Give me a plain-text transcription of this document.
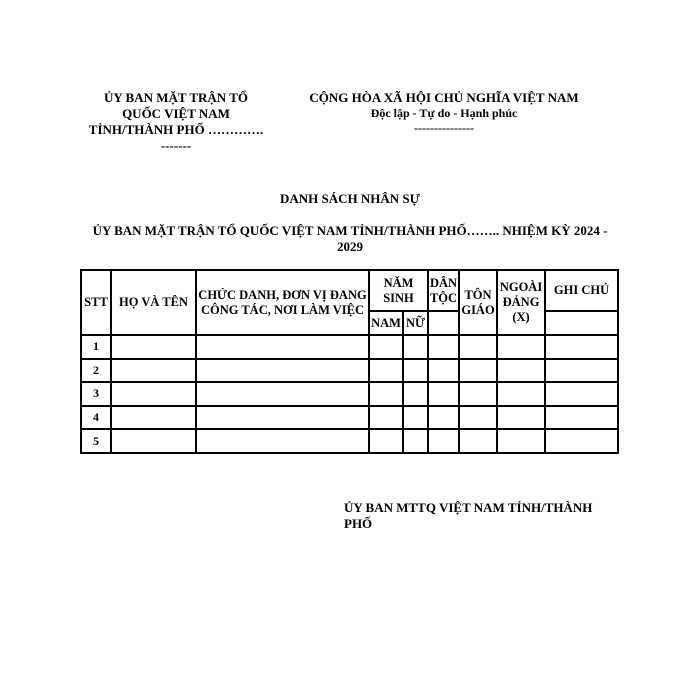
ỦY BAN MẶT TRẬN TỔ
QUỐC VIỆT NAM
TỈNH/THÀNH PHỐ ………….
-------
CỘNG HÒA XÃ HỘI CHỦ NGHĨA VIỆT NAM
Độc lập - Tự do - Hạnh phúc
---------------
DANH SÁCH NHÂN SỰ
ỦY BAN MẶT TRẬN TỔ QUỐC VIỆT NAM TỈNH/THÀNH PHỐ…….. NHIỆM KỲ 2024 - 2029
STT	HỌ VÀ TÊN	CHỨC DANH, ĐƠN VỊ ĐANG CÔNG TÁC, NƠI LÀM VIỆC	NĂM SINH		DÂN TỘC	TÔN GIÁO	NGOÀI ĐẢNG (X)	GHI CHÚ
			NAM	NỮ				
1								
2								
3								
4								
5								
ỦY BAN MTTQ VIỆT NAM TỈNH/THÀNH
PHỐ
